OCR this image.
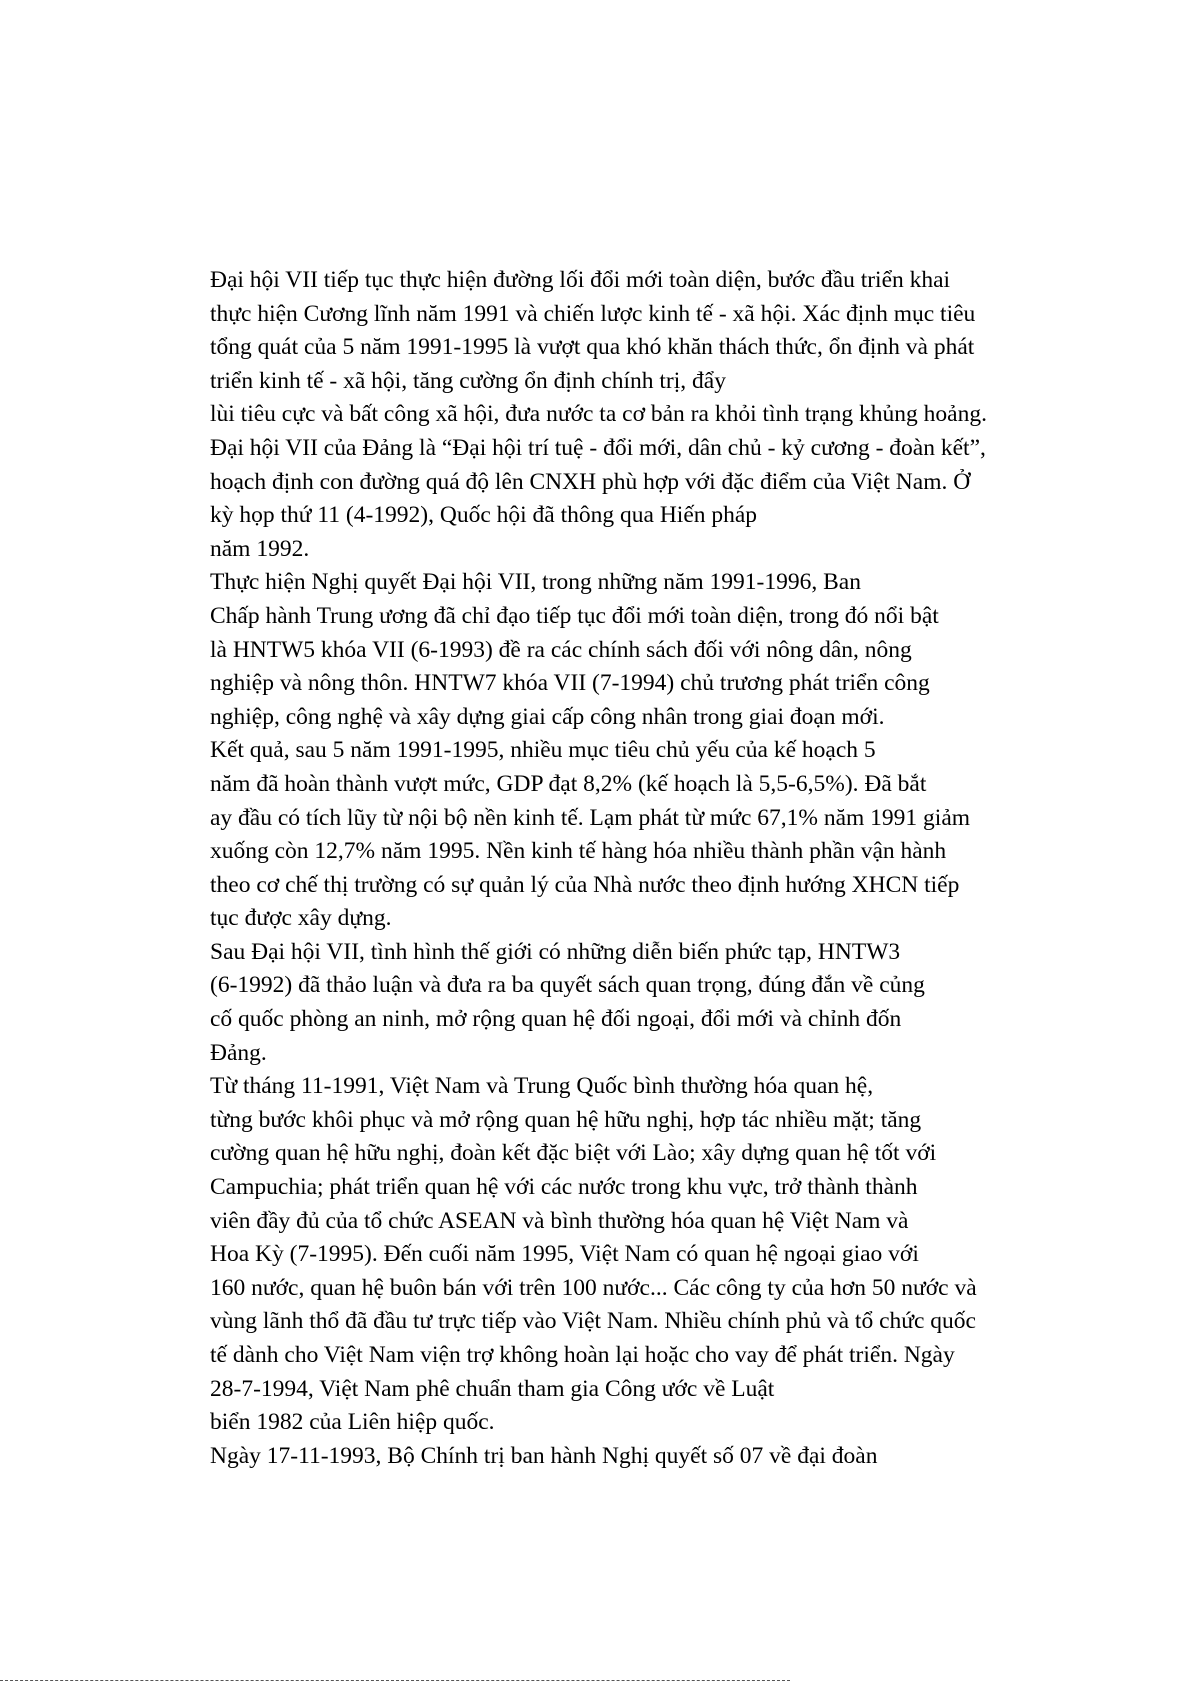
Đại hội VII tiếp tục thực hiện đường lối đổi mới toàn diện, bước đầu triển khai
thực hiện Cương lĩnh năm 1991 và chiến lược kinh tế - xã hội. Xác định mục tiêu
tổng quát của 5 năm 1991-1995 là vượt qua khó khăn thách thức, ổn định và phát
triển kinh tế - xã hội, tăng cường ổn định chính trị, đẩy
lùi tiêu cực và bất công xã hội, đưa nước ta cơ bản ra khỏi tình trạng khủng hoảng.
Đại hội VII của Đảng là “Đại hội trí tuệ - đổi mới, dân chủ - kỷ cương - đoàn kết”,
hoạch định con đường quá độ lên CNXH phù hợp với đặc điểm của Việt Nam. Ở
kỳ họp thứ 11 (4-1992), Quốc hội đã thông qua Hiến pháp
năm 1992.
Thực hiện Nghị quyết Đại hội VII, trong những năm 1991-1996, Ban
Chấp hành Trung ương đã chỉ đạo tiếp tục đổi mới toàn diện, trong đó nổi bật
là HNTW5 khóa VII (6-1993) đề ra các chính sách đối với nông dân, nông
nghiệp và nông thôn. HNTW7 khóa VII (7-1994) chủ trương phát triển công
nghiệp, công nghệ và xây dựng giai cấp công nhân trong giai đoạn mới.
Kết quả, sau 5 năm 1991-1995, nhiều mục tiêu chủ yếu của kế hoạch 5
năm đã hoàn thành vượt mức, GDP đạt 8,2% (kế hoạch là 5,5-6,5%). Đã bắt
ay đầu có tích lũy từ nội bộ nền kinh tế. Lạm phát từ mức 67,1% năm 1991 giảm
xuống còn 12,7% năm 1995. Nền kinh tế hàng hóa nhiều thành phần vận hành
theo cơ chế thị trường có sự quản lý của Nhà nước theo định hướng XHCN tiếp
tục được xây dựng.
Sau Đại hội VII, tình hình thế giới có những diễn biến phức tạp, HNTW3
(6-1992) đã thảo luận và đưa ra ba quyết sách quan trọng, đúng đắn về củng
cố quốc phòng an ninh, mở rộng quan hệ đối ngoại, đổi mới và chỉnh đốn
Đảng.
Từ tháng 11-1991, Việt Nam và Trung Quốc bình thường hóa quan hệ,
từng bước khôi phục và mở rộng quan hệ hữu nghị, hợp tác nhiều mặt; tăng
cường quan hệ hữu nghị, đoàn kết đặc biệt với Lào; xây dựng quan hệ tốt với
Campuchia; phát triển quan hệ với các nước trong khu vực, trở thành thành
viên đầy đủ của tổ chức ASEAN và bình thường hóa quan hệ Việt Nam và
Hoa Kỳ (7-1995). Đến cuối năm 1995, Việt Nam có quan hệ ngoại giao với
160 nước, quan hệ buôn bán với trên 100 nước... Các công ty của hơn 50 nước và
vùng lãnh thổ đã đầu tư trực tiếp vào Việt Nam. Nhiều chính phủ và tổ chức quốc
tế dành cho Việt Nam viện trợ không hoàn lại hoặc cho vay để phát triển. Ngày
28-7-1994, Việt Nam phê chuẩn tham gia Công ước về Luật
biển 1982 của Liên hiệp quốc.
Ngày 17-11-1993, Bộ Chính trị ban hành Nghị quyết số 07 về đại đoàn
